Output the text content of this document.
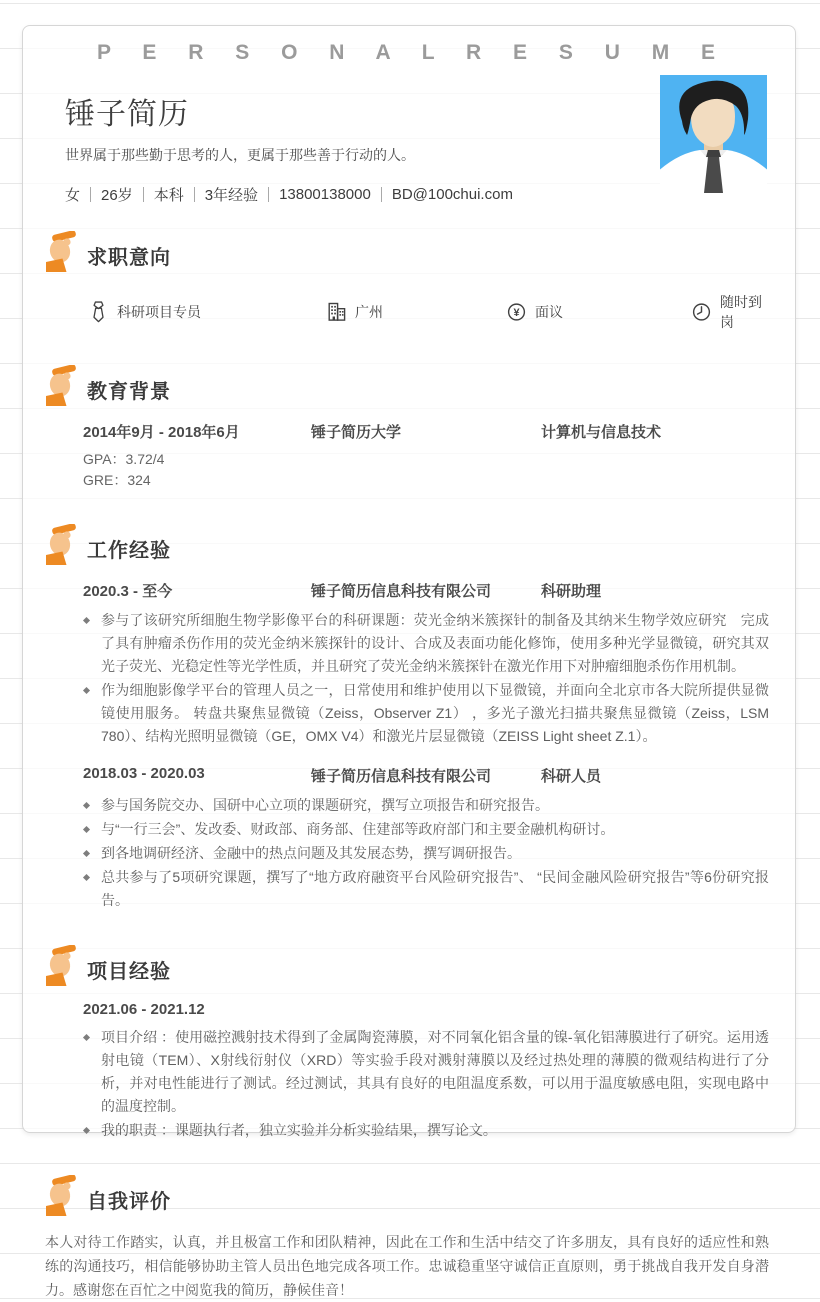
P E R S O N A L R E S U M E
锤子简历
世界属于那些勤于思考的人，更属于那些善于行动的人。
女 26岁 本科 3年经验 13800138000 BD@100chui.com
求职意向
科研项目专员	广州	面议
随时到岗
教育背景
2014年9月 - 2018年6月	锤子简历大学	计算机与信息技术
GPA：3.72/4
GRE：324
工作经验
2020.3 - 至今	锤子简历信息科技有限公司	科研助理
参与了该研究所细胞生物学影像平台的科研课题：荧光金纳米簇探针的制备及其纳米生物学效应研究　完成了具有肿瘤杀伤作用的荧光金纳米簇探针的设计、合成及表面功能化修饰，使用多种光学显微镜，研究其双光子荧光、光稳定性等光学性质，并且研究了荧光金纳米簇探针在激光作用下对肿瘤细胞杀伤作用机制。
作为细胞影像学平台的管理人员之一，日常使用和维护使用以下显微镜，并面向全北京市各大院所提供显微镜使用服务。 转盘共聚焦显微镜（Zeiss，Observer Z1） ，多光子激光扫描共聚焦显微镜（Zeiss，LSM 780）、结构光照明显微镜（GE，OMX V4）和激光片层显微镜（ZEISS Light sheet Z.1）。
2018.03 - 2020.03	锤子简历信息科技有限公司	科研人员
参与国务院交办、国研中心立项的课题研究，撰写立项报告和研究报告。
与“一行三会”、发改委、财政部、商务部、住建部等政府部门和主要金融机构研讨。
到各地调研经济、金融中的热点问题及其发展态势，撰写调研报告。
总共参与了5项研究课题，撰写了“地方政府融资平台风险研究报告”、 “民间金融风险研究报告”等6份研究报告。
项目经验
2021.06 - 2021.12
项目介绍 ：使用磁控溅射技术得到了金属陶瓷薄膜，对不同氧化铝含量的镍-氧化铝薄膜进行了研究。运用透射电镜（TEM）、X射线衍射仪（XRD）等实验手段对溅射薄膜以及经过热处理的薄膜的微观结构进行了分析，并对电性能进行了测试。经过测试，其具有良好的电阻温度系数，可以用于温度敏感电阻，实现电路中的温度控制。
我的职责 ：课题执行者，独立实验并分析实验结果，撰写论文。
自我评价
本人对待工作踏实，认真，并且极富工作和团队精神，因此在工作和生活中结交了许多朋友，具有良好的适应性和熟练的沟通技巧，相信能够协助主管人员出色地完成各项工作。忠诚稳重坚守诚信正直原则，勇于挑战自我开发自身潜力。感谢您在百忙之中阅览我的简历，静候佳音！
